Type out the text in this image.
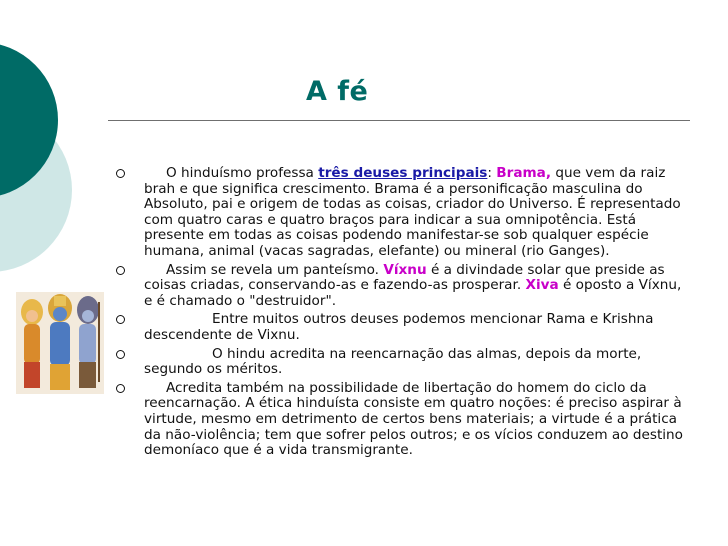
A fé
O hinduísmo professa três deuses principais: Brama, que vem da raiz brah e que significa crescimento. Brama é a personificação masculina do Absoluto, pai e origem de todas as coisas, criador do Universo. É representado com quatro caras e quatro braços para indicar a sua omnipotência. Está presente em todas as coisas podendo manifestar-se sob qualquer espécie humana, animal (vacas sagradas, elefante) ou mineral (rio Ganges).
Assim se revela um panteísmo. Víxnu é a divindade solar que preside as coisas criadas, conservando-as e fazendo-as prosperar. Xiva é oposto a Víxnu, e é chamado o "destruidor".
Entre muitos outros deuses podemos mencionar Rama e Krishna descendente de Vixnu.
O hindu acredita na reencarnação das almas, depois da morte, segundo os méritos.
Acredita também na possibilidade de libertação do homem do ciclo da reencarnação. A ética hinduísta consiste em quatro noções: é preciso aspirar à virtude, mesmo em detrimento de certos bens materiais; a virtude é a prática da não-violência; tem que sofrer pelos outros; e os vícios conduzem ao destino demoníaco que é a vida transmigrante.
